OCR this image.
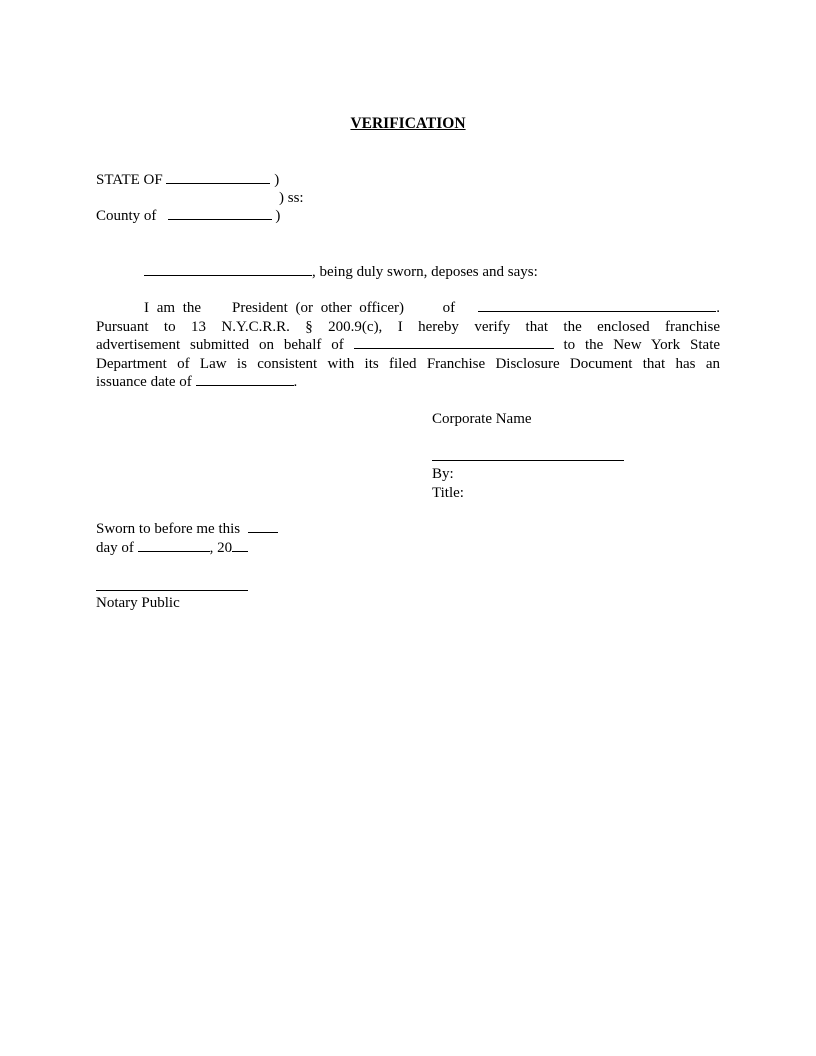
VERIFICATION
STATE OF	)
) ss:
County of	)
, being duly sworn, deposes and says:
I am the President (or other officer)	of	.
Pursuant to 13 N.Y.C.R.R. § 200.9(c), I hereby verify that the enclosed franchise
advertisement submitted on behalf of	to the New York State
Department of Law is consistent with its filed Franchise Disclosure Document that has an
issuance date of	.
Corporate Name
By:
Title:
Sworn to before me this
day of	, 20
Notary Public
